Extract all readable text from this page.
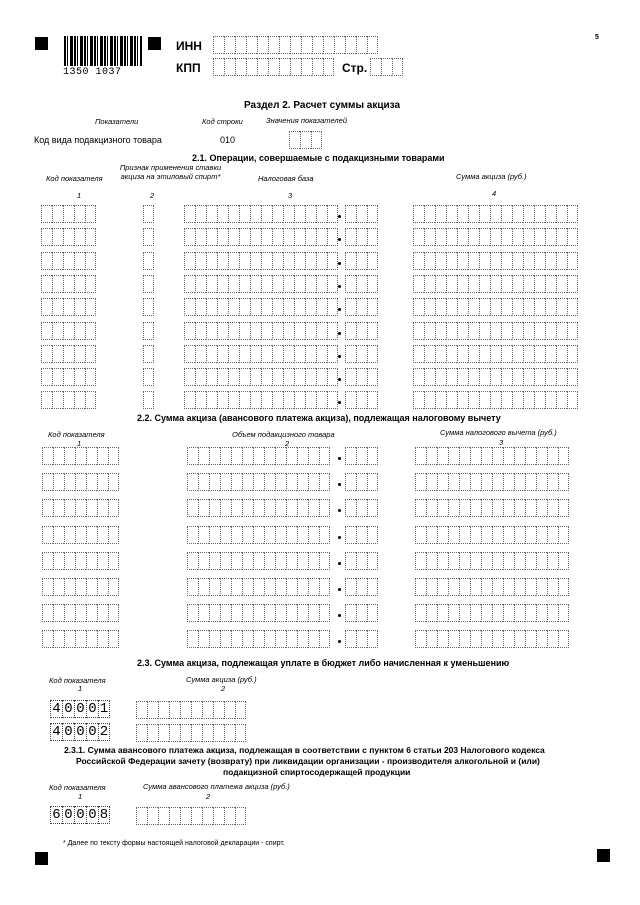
1350 1037
5
ИНН
КПП	Стр.
Раздел 2. Расчет суммы акциза
Показатели	Код строки	Значения показателей
Код вида подакцизного товара	010
2.1. Операции, совершаемые с подакцизными товарами
Код показателя
Признак применения ставки акциза на этиловый спирт*	Налоговая база	Сумма акциза (руб.)
1	2	3	4
2.2. Сумма акциза (авансового платежа акциза), подлежащая налоговому вычету
Код показателя	Объем подакцизного товара	Сумма налогового вычета (руб.)
1	2	3
2.3. Сумма акциза, подлежащая уплате в бюджет либо начисленная к уменьшению
Код показателя	Сумма акциза (руб.)
1	2
4 0 0 0 1
4 0 0 0 2
2.3.1. Сумма авансового платежа акциза, подлежащая в соответствии с пунктом 6 статьи 203 Налогового кодекса
Российской Федерации зачету (возврату) при ликвидации организации - производителя алкогольной и (или)
подакцизной спиртосодержащей продукции
Код показателя	Сумма авансового платежа акциза (руб.)
1	2
6 0 0 0 8
* Далее по тексту формы настоящей налоговой декларации - спирт.
